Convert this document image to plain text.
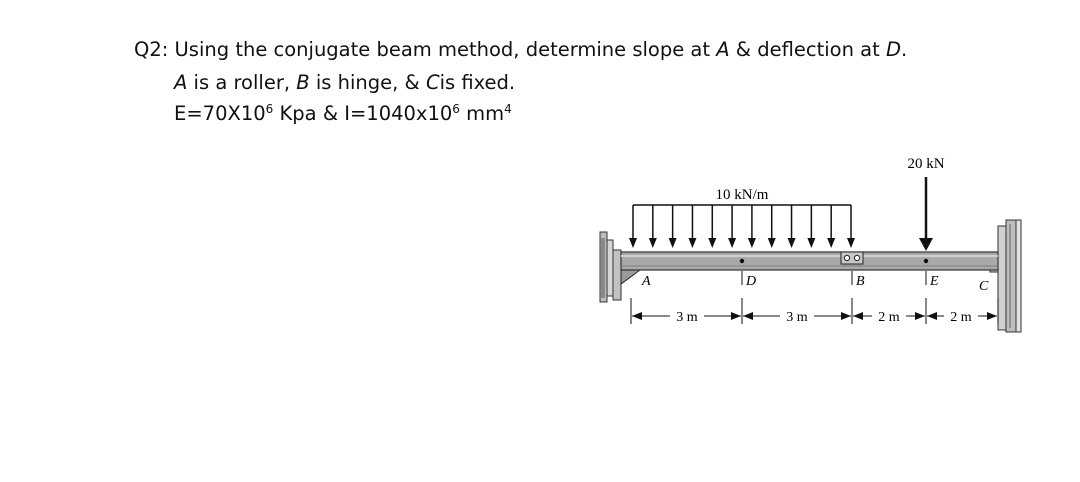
Q2: Using the conjugate beam method, determine slope at A & deflection at D.
A is a roller, B is hinge, & Cis fixed.
$E=70X10^6$ Kpa & $I=1040x10^6$ $mm^4$
10 kN/m
20 kN
A	D	B	E	C
3 m	3 m	2 m	2 m
